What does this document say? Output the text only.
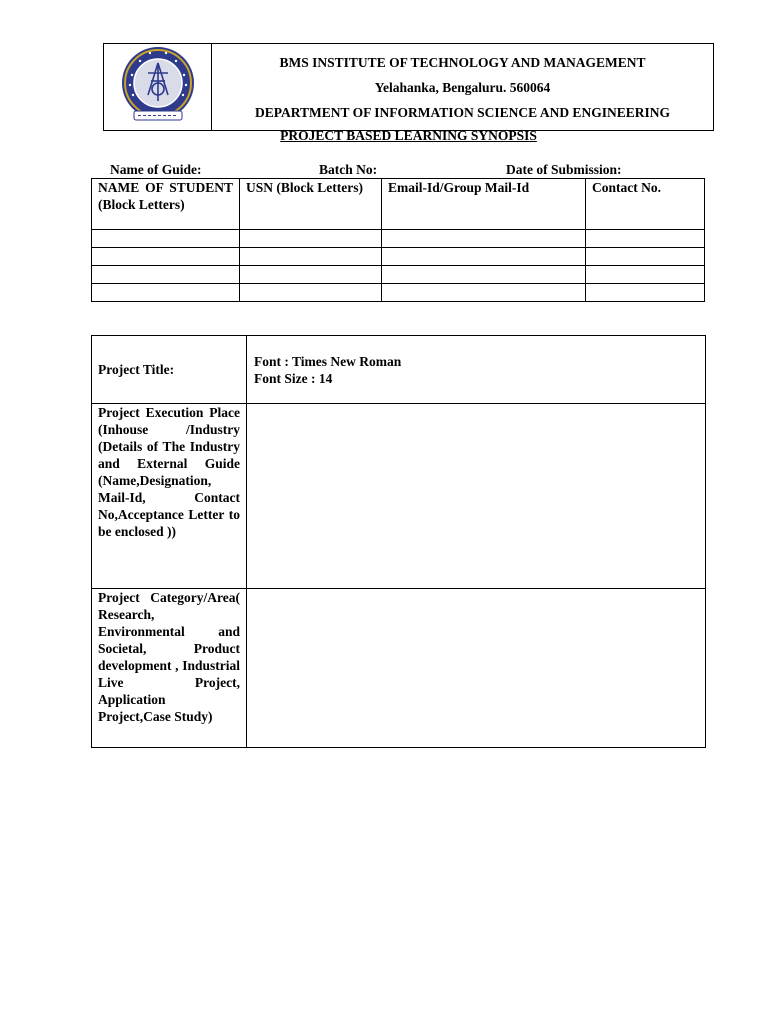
BMS INSTITUTE OF TECHNOLOGY AND MANAGEMENT
Yelahanka, Bengaluru. 560064
DEPARTMENT OF INFORMATION SCIENCE AND ENGINEERING
PROJECT BASED LEARNING SYNOPSIS
Name of Guide:	Batch No:	Date of Submission:
NAME OF STUDENT (Block Letters)	USN (Block Letters)	Email-Id/Group Mail-Id	Contact No.

Project Title:	Font : Times New Roman
Font Size : 14

Project Execution Place (Inhouse /Industry (Details of The Industry and External Guide (Name,Designation, Mail-Id, Contact No,Acceptance Letter to be enclosed ))	
Project Category/Area( Research, Environmental and Societal, Product development , Industrial Live Project, Application Project,Case Study)	
